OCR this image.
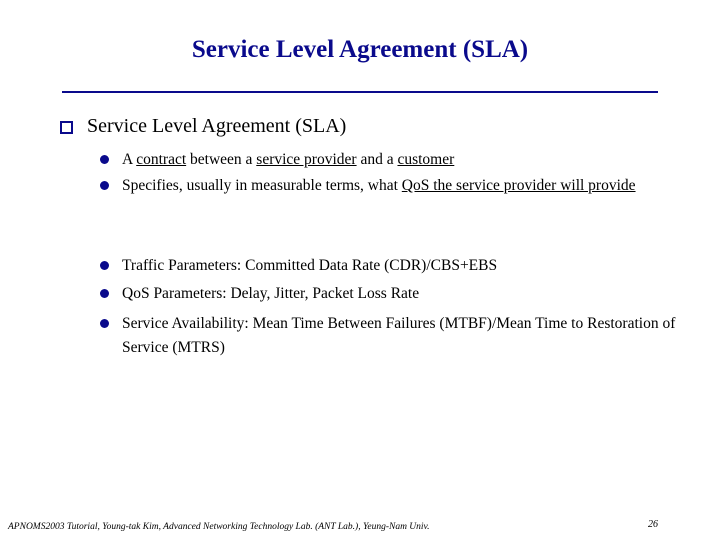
Service Level Agreement (SLA)
Service Level Agreement (SLA)
A contract between a service provider and a customer
Specifies, usually in measurable terms, what QoS the service provider will provide
Traffic Parameters: Committed Data Rate (CDR)/CBS+EBS
QoS Parameters: Delay, Jitter, Packet Loss Rate
Service Availability: Mean Time Between Failures (MTBF)/Mean Time to Restoration of Service (MTRS)
APNOMS2003 Tutorial, Young-tak Kim, Advanced Networking Technology Lab. (ANT Lab.), Yeung-Nam Univ.	26
